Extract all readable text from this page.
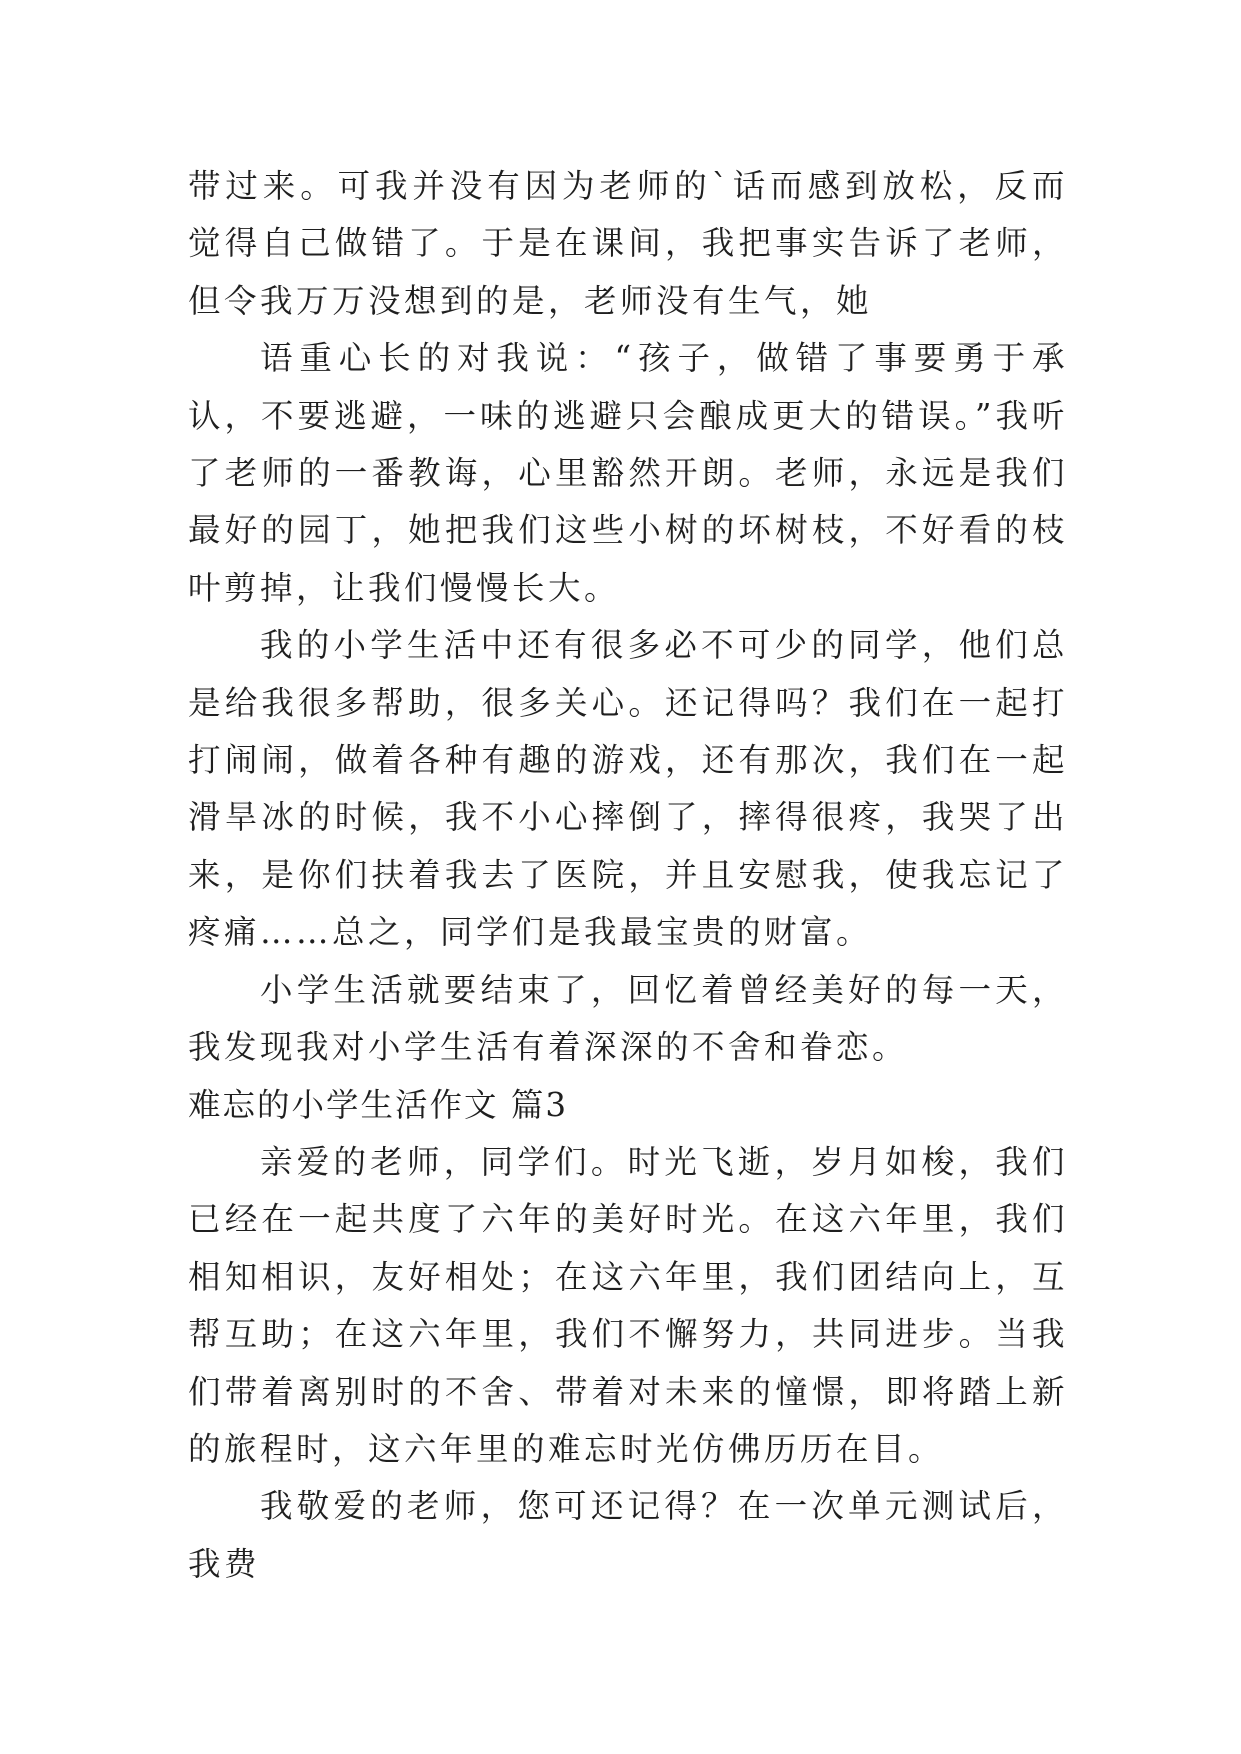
带过来。可我并没有因为老师的`话而感到放松，反而觉得自己做错了。于是在课间，我把事实告诉了老师，但令我万万没想到的是，老师没有生气，她

语重心长的对我说：“孩子，做错了事要勇于承认，不要逃避，一味的逃避只会酿成更大的错误。”我听了老师的一番教诲，心里豁然开朗。老师，永远是我们最好的园丁，她把我们这些小树的坏树枝，不好看的枝叶剪掉，让我们慢慢长大。

我的小学生活中还有很多必不可少的同学，他们总是给我很多帮助，很多关心。还记得吗？我们在一起打打闹闹，做着各种有趣的游戏，还有那次，我们在一起滑旱冰的时候，我不小心摔倒了，摔得很疼，我哭了出来，是你们扶着我去了医院，并且安慰我，使我忘记了疼痛……总之，同学们是我最宝贵的财富。

小学生活就要结束了，回忆着曾经美好的每一天，我发现我对小学生活有着深深的不舍和眷恋。

难忘的小学生活作文 篇3

亲爱的老师，同学们。时光飞逝，岁月如梭，我们已经在一起共度了六年的美好时光。在这六年里，我们相知相识，友好相处；在这六年里，我们团结向上，互帮互助；在这六年里，我们不懈努力，共同进步。当我们带着离别时的不舍、带着对未来的憧憬，即将踏上新的旅程时，这六年里的难忘时光仿佛历历在目。

我敬爱的老师，您可还记得？在一次单元测试后，我费
